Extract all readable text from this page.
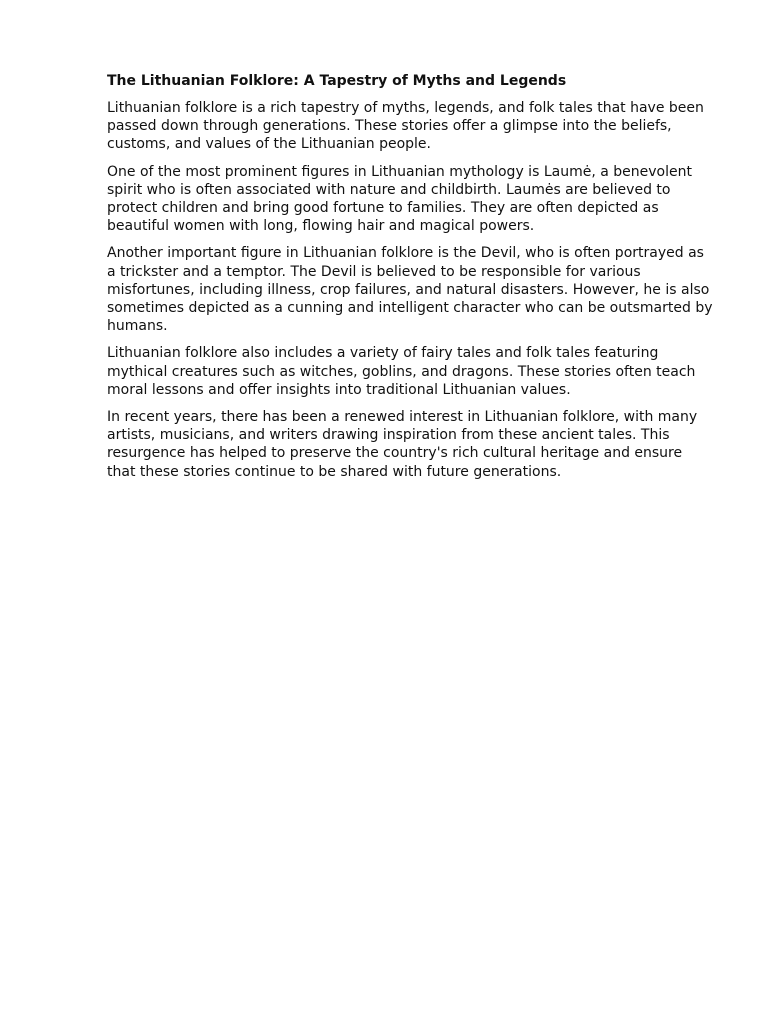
The Lithuanian Folklore: A Tapestry of Myths and Legends

Lithuanian folklore is a rich tapestry of myths, legends, and folk tales that have been passed down through generations. These stories offer a glimpse into the beliefs, customs, and values of the Lithuanian people.

One of the most prominent figures in Lithuanian mythology is Laumė, a benevolent spirit who is often associated with nature and childbirth. Laumės are believed to protect children and bring good fortune to families. They are often depicted as beautiful women with long, flowing hair and magical powers.

Another important figure in Lithuanian folklore is the Devil, who is often portrayed as a trickster and a temptor. The Devil is believed to be responsible for various misfortunes, including illness, crop failures, and natural disasters. However, he is also sometimes depicted as a cunning and intelligent character who can be outsmarted by humans.

Lithuanian folklore also includes a variety of fairy tales and folk tales featuring mythical creatures such as witches, goblins, and dragons. These stories often teach moral lessons and offer insights into traditional Lithuanian values.

In recent years, there has been a renewed interest in Lithuanian folklore, with many artists, musicians, and writers drawing inspiration from these ancient tales. This resurgence has helped to preserve the country's rich cultural heritage and ensure that these stories continue to be shared with future generations.
